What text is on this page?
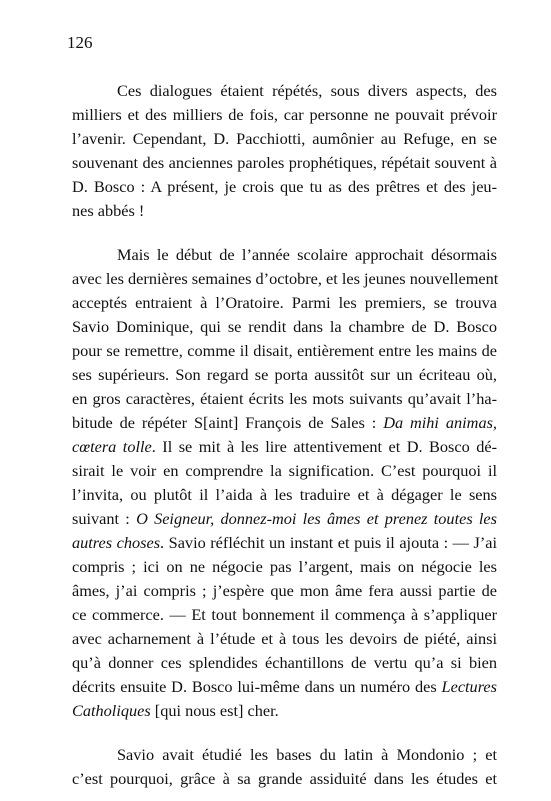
126
Ces dialogues étaient répétés, sous divers aspects, des
milliers et des milliers de fois, car personne ne pouvait prévoir
l’avenir. Cependant, D. Pacchiotti, aumônier au Refuge, en se
souvenant des anciennes paroles prophétiques, répétait souvent à
D. Bosco : A présent, je crois que tu as des prêtres et des jeu-
nes abbés !
Mais le début de l’année scolaire approchait désormais
avec les dernières semaines d’octobre, et les jeunes nouvellement
acceptés entraient à l’Oratoire. Parmi les premiers, se trouva
Savio Dominique, qui se rendit dans la chambre de D. Bosco
pour se remettre, comme il disait, entièrement entre les mains de
ses supérieurs. Son regard se porta aussitôt sur un écriteau où,
en gros caractères, étaient écrits les mots suivants qu’avait l’ha-
bitude de répéter S[aint] François de Sales : Da mihi animas,
cœtera tolle. Il se mit à les lire attentivement et D. Bosco dé-
sirait le voir en comprendre la signification. C’est pourquoi il
l’invita, ou plutôt il l’aida à les traduire et à dégager le sens
suivant : O Seigneur, donnez-moi les âmes et prenez toutes les
autres choses. Savio réfléchit un instant et puis il ajouta : — J’ai
compris ; ici on ne négocie pas l’argent, mais on négocie les
âmes, j’ai compris ; j’espère que mon âme fera aussi partie de
ce commerce. — Et tout bonnement il commença à s’appliquer
avec acharnement à l’étude et à tous les devoirs de piété, ainsi
qu’à donner ces splendides échantillons de vertu qu’a si bien
décrits ensuite D. Bosco lui-même dans un numéro des Lectures
Catholiques [qui nous est] cher.
Savio avait étudié les bases du latin à Mondonio ; et
c’est pourquoi, grâce à sa grande assiduité dans les études et
